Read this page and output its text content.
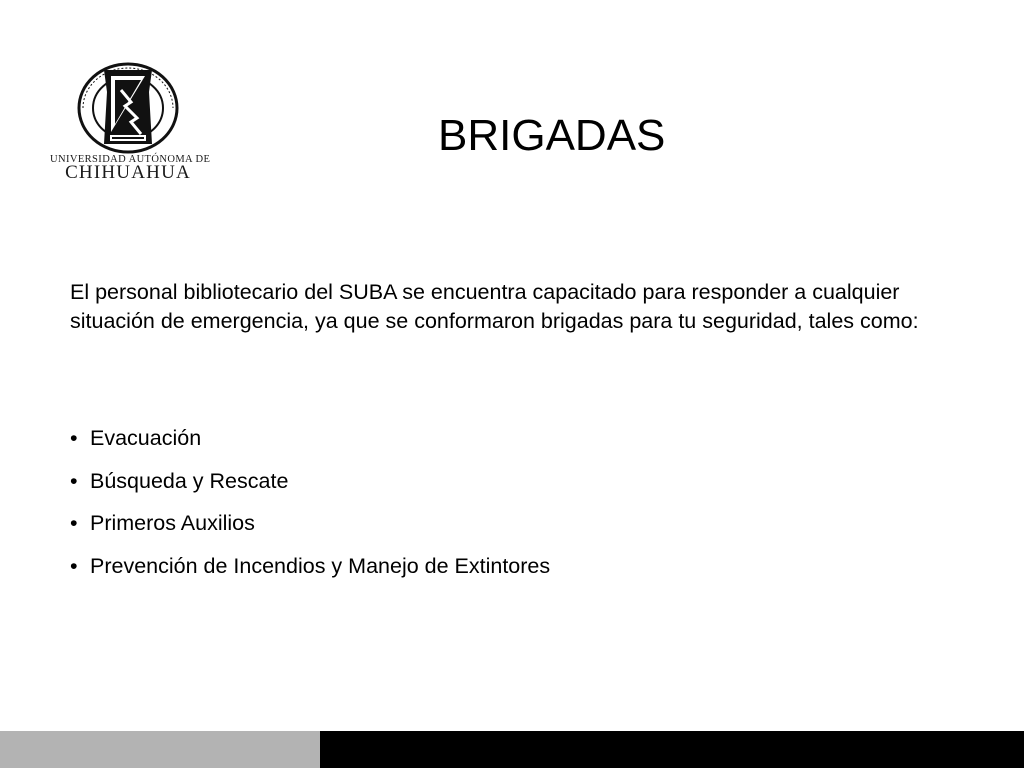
UNIVERSIDAD AUTÓNOMA DE
CHIHUAHUA
BRIGADAS
El personal bibliotecario del SUBA se encuentra capacitado para responder a cualquier situación de emergencia, ya que se conformaron brigadas para tu seguridad, tales como:
• Evacuación
• Búsqueda y Rescate
• Primeros Auxilios
• Prevención de Incendios y Manejo de Extintores
